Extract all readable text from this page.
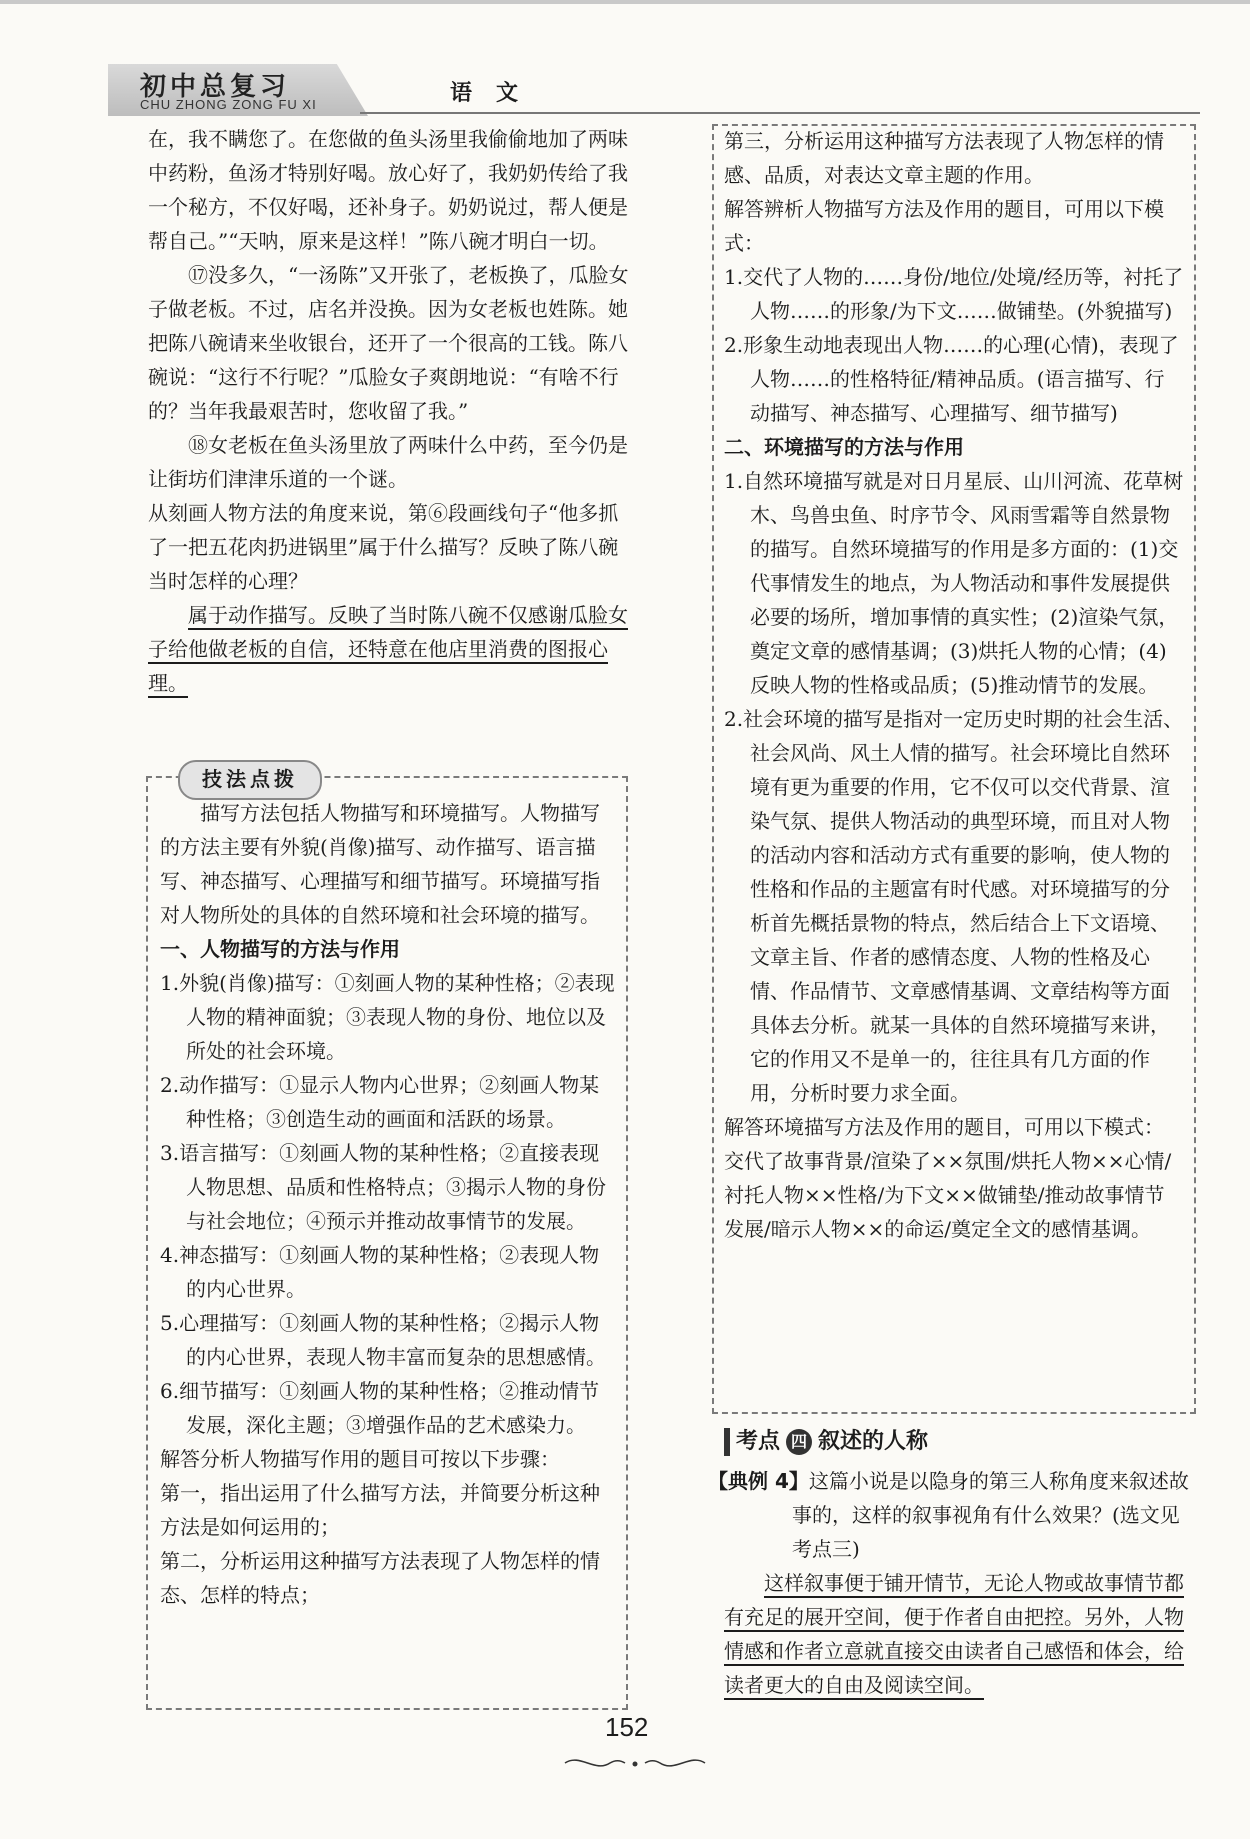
初中总复习
CHU ZHONG ZONG FU XI	语文

在，我不瞒您了。在您做的鱼头汤里我偷偷地加了两味中药粉，鱼汤才特别好喝。放心好了，我奶奶传给了我一个秘方，不仅好喝，还补身子。奶奶说过，帮人便是帮自己。”“天呐，原来是这样！”陈八碗才明白一切。

⑰没多久，“一汤陈”又开张了，老板换了，瓜脸女子做老板。不过，店名并没换。因为女老板也姓陈。她把陈八碗请来坐收银台，还开了一个很高的工钱。陈八碗说：“这行不行呢？”瓜脸女子爽朗地说：“有啥不行的？当年我最艰苦时，您收留了我。”

⑱女老板在鱼头汤里放了两味什么中药，至今仍是让街坊们津津乐道的一个谜。

从刻画人物方法的角度来说，第⑥段画线句子“他多抓了一把五花肉扔进锅里”属于什么描写？反映了陈八碗当时怎样的心理？

属于动作描写。反映了当时陈八碗不仅感谢瓜脸女子给他做老板的自信，还特意在他店里消费的图报心理。

技法点拨

描写方法包括人物描写和环境描写。人物描写的方法主要有外貌(肖像)描写、动作描写、语言描写、神态描写、心理描写和细节描写。环境描写指对人物所处的具体的自然环境和社会环境的描写。

一、人物描写的方法与作用

1.外貌(肖像)描写：①刻画人物的某种性格；②表现人物的精神面貌；③表现人物的身份、地位以及所处的社会环境。

2.动作描写：①显示人物内心世界；②刻画人物某种性格；③创造生动的画面和活跃的场景。

3.语言描写：①刻画人物的某种性格；②直接表现人物思想、品质和性格特点；③揭示人物的身份与社会地位；④预示并推动故事情节的发展。

4.神态描写：①刻画人物的某种性格；②表现人物的内心世界。

5.心理描写：①刻画人物的某种性格；②揭示人物的内心世界，表现人物丰富而复杂的思想感情。

6.细节描写：①刻画人物的某种性格；②推动情节发展，深化主题；③增强作品的艺术感染力。

解答分析人物描写作用的题目可按以下步骤：

第一，指出运用了什么描写方法，并简要分析这种方法是如何运用的；

第二，分析运用这种描写方法表现了人物怎样的情态、怎样的特点；

第三，分析运用这种描写方法表现了人物怎样的情感、品质，对表达文章主题的作用。

解答辨析人物描写方法及作用的题目，可用以下模式：

1.交代了人物的……身份/地位/处境/经历等，衬托了人物……的形象/为下文……做铺垫。(外貌描写)

2.形象生动地表现出人物……的心理(心情)，表现了人物……的性格特征/精神品质。(语言描写、行动描写、神态描写、心理描写、细节描写)

二、环境描写的方法与作用

1.自然环境描写就是对日月星辰、山川河流、花草树木、鸟兽虫鱼、时序节令、风雨雪霜等自然景物的描写。自然环境描写的作用是多方面的：(1)交代事情发生的地点，为人物活动和事件发展提供必要的场所，增加事情的真实性；(2)渲染气氛，奠定文章的感情基调；(3)烘托人物的心情；(4)反映人物的性格或品质；(5)推动情节的发展。

2.社会环境的描写是指对一定历史时期的社会生活、社会风尚、风土人情的描写。社会环境比自然环境有更为重要的作用，它不仅可以交代背景、渲染气氛、提供人物活动的典型环境，而且对人物的活动内容和活动方式有重要的影响，使人物的性格和作品的主题富有时代感。对环境描写的分析首先概括景物的特点，然后结合上下文语境、文章主旨、作者的感情态度、人物的性格及心情、作品情节、文章感情基调、文章结构等方面具体去分析。就某一具体的自然环境描写来讲，它的作用又不是单一的，往往具有几方面的作用，分析时要力求全面。

解答环境描写方法及作用的题目，可用以下模式：

交代了故事背景/渲染了××氛围/烘托人物××心情/衬托人物××性格/为下文××做铺垫/推动故事情节发展/暗示人物××的命运/奠定全文的感情基调。

考点 四 叙述的人称

【典例 4】这篇小说是以隐身的第三人称角度来叙述故事的，这样的叙事视角有什么效果？(选文见考点三)

这样叙事便于铺开情节，无论人物或故事情节都有充足的展开空间，便于作者自由把控。另外，人物情感和作者立意就直接交由读者自己感悟和体会，给读者更大的自由及阅读空间。

152
